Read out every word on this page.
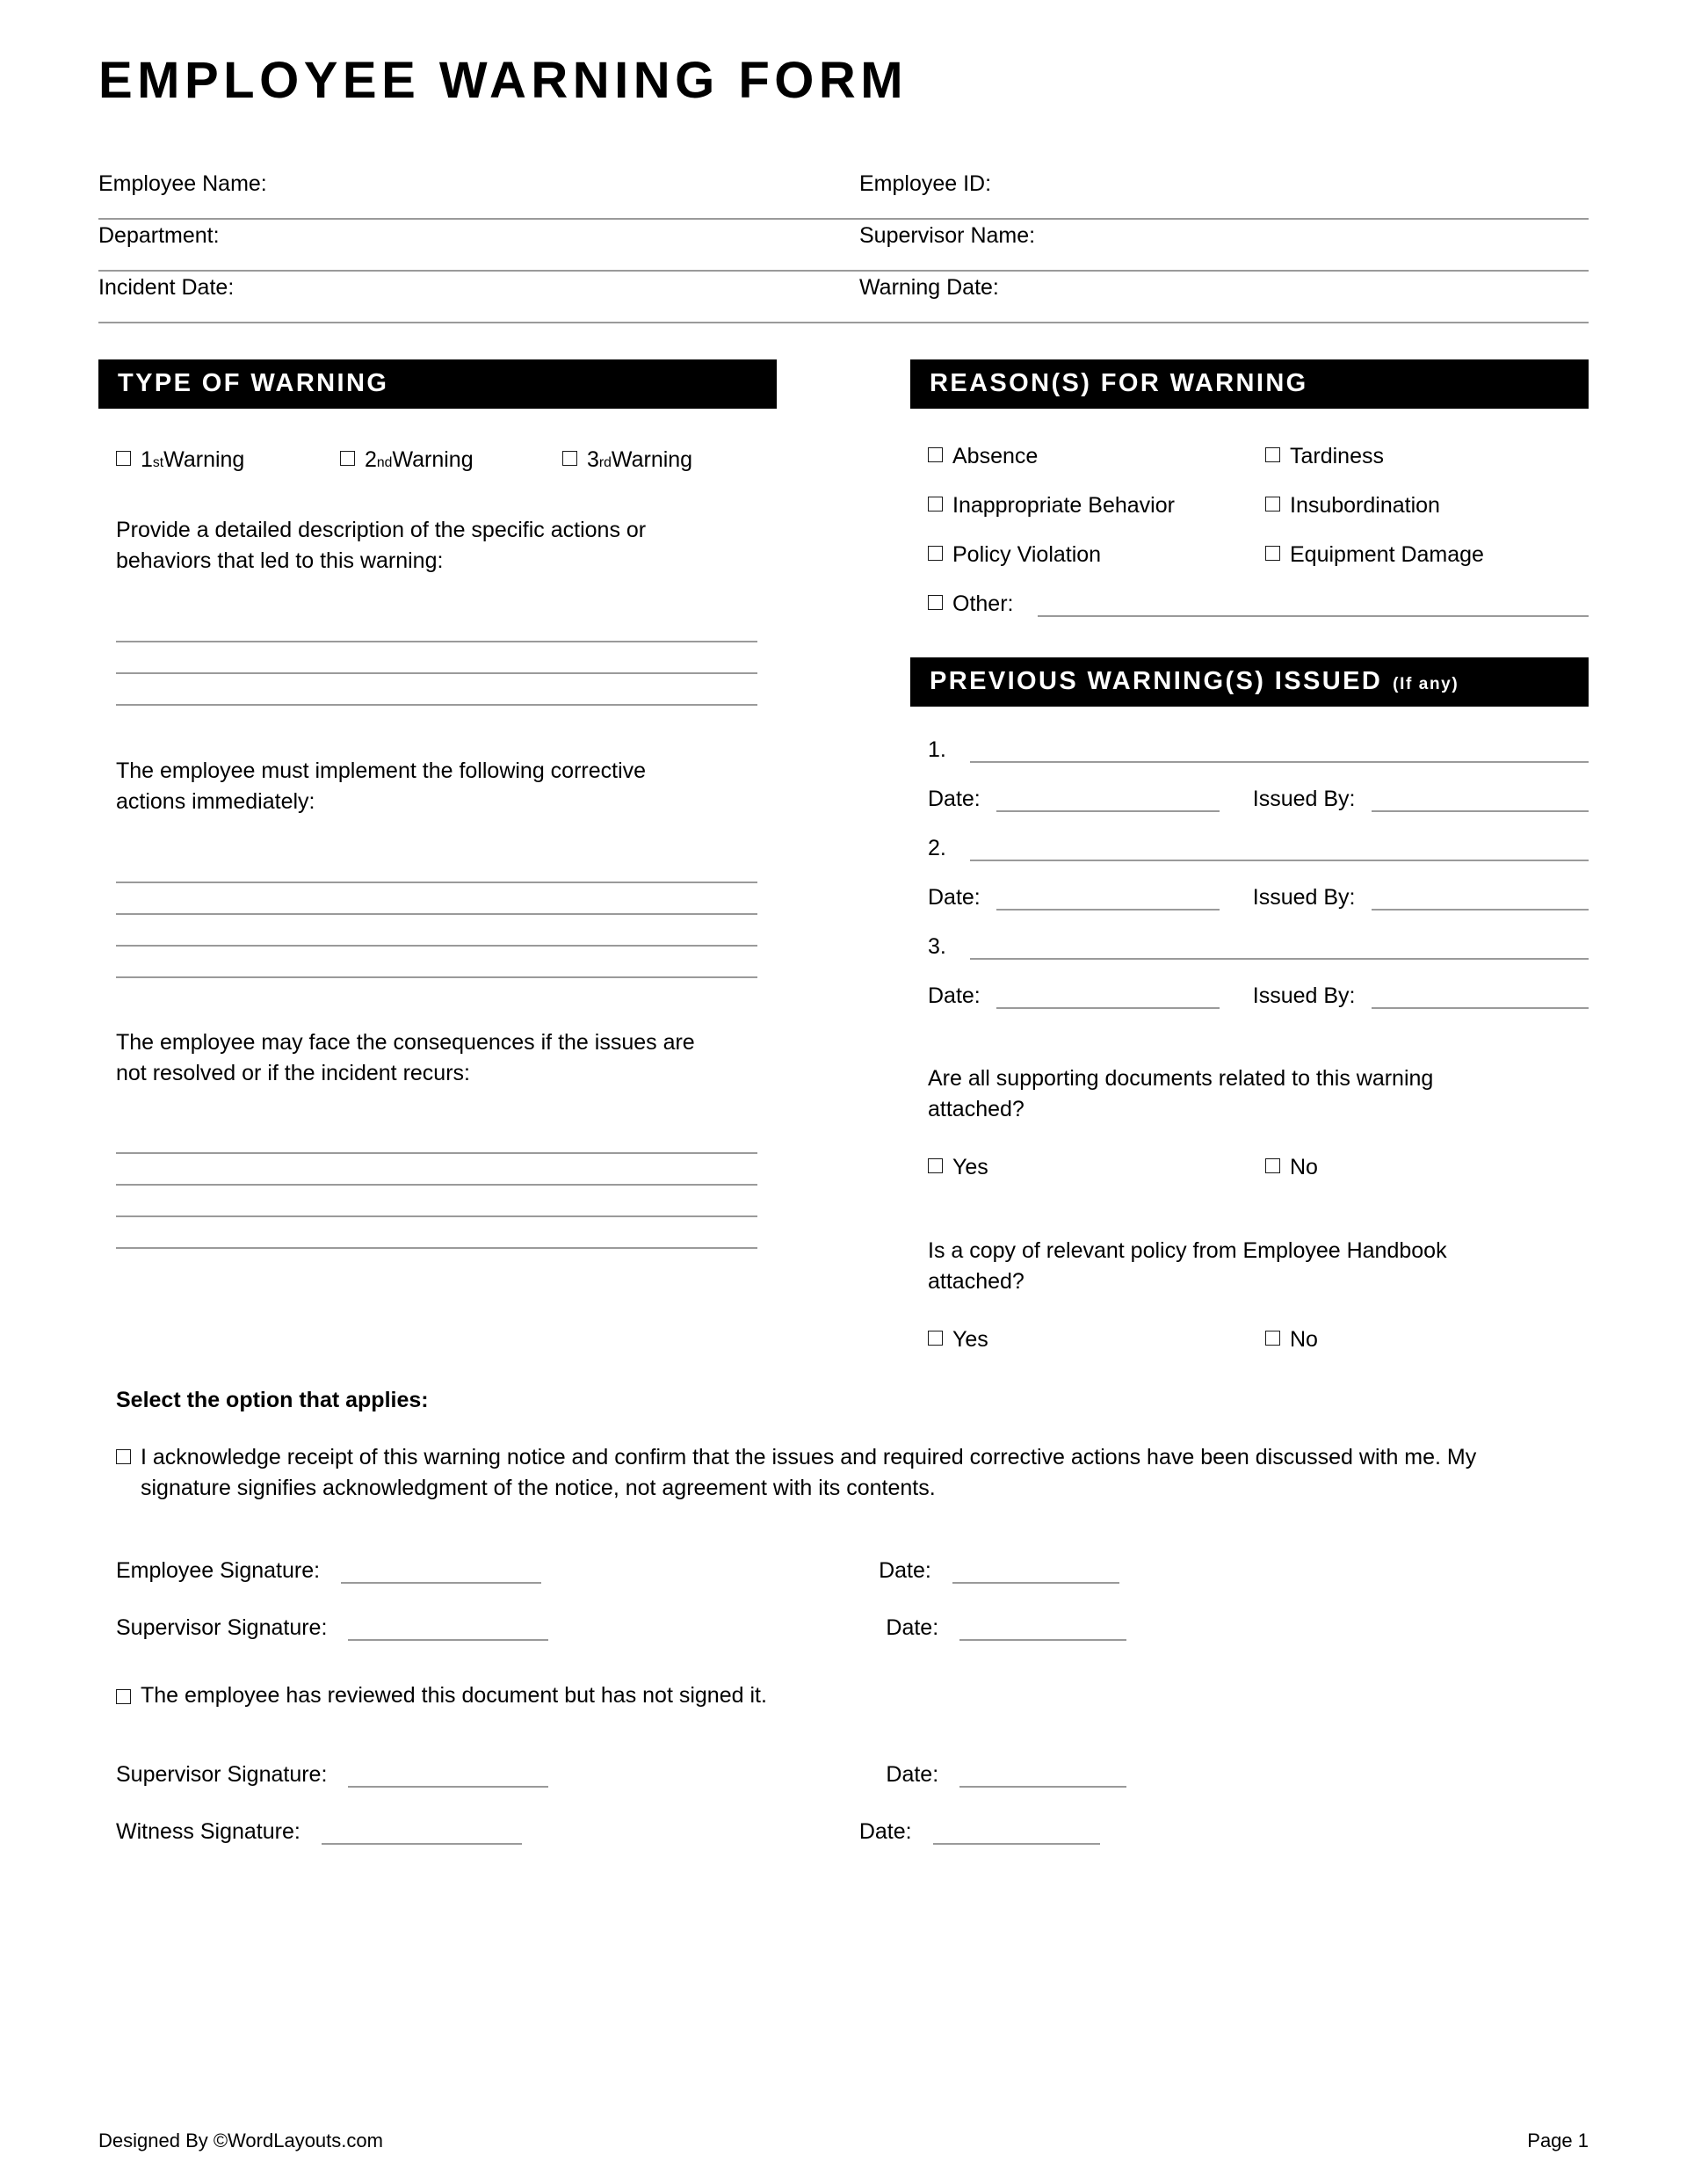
EMPLOYEE WARNING FORM
Employee Name:	Employee ID:
Department:	Supervisor Name:
Incident Date:	Warning Date:
TYPE OF WARNING
1 st Warning	2 nd Warning	3 rd Warning
Provide a detailed description of the specific actions or behaviors that led to this warning:
The employee must implement the following corrective actions immediately:
The employee may face the consequences if the issues are not resolved or if the incident recurs:
REASON(S) FOR WARNING
Absence	Tardiness
Inappropriate Behavior	Insubordination
Policy Violation	Equipment Damage
Other:
PREVIOUS WARNING(S) ISSUED (If any)
1.
Date:	Issued By:
2.
Date:	Issued By:
3.
Date:	Issued By:
Are all supporting documents related to this warning attached?
Yes	No
Is a copy of relevant policy from Employee Handbook attached?
Yes	No
Select the option that applies:
I acknowledge receipt of this warning notice and confirm that the issues and required corrective actions have been discussed with me. My signature signifies acknowledgment of the notice, not agreement with its contents.
Employee Signature:	Date:
Supervisor Signature:	Date:
The employee has reviewed this document but has not signed it.
Supervisor Signature:	Date:
Witness Signature:	Date:
Designed By ©WordLayouts.com	Page 1
